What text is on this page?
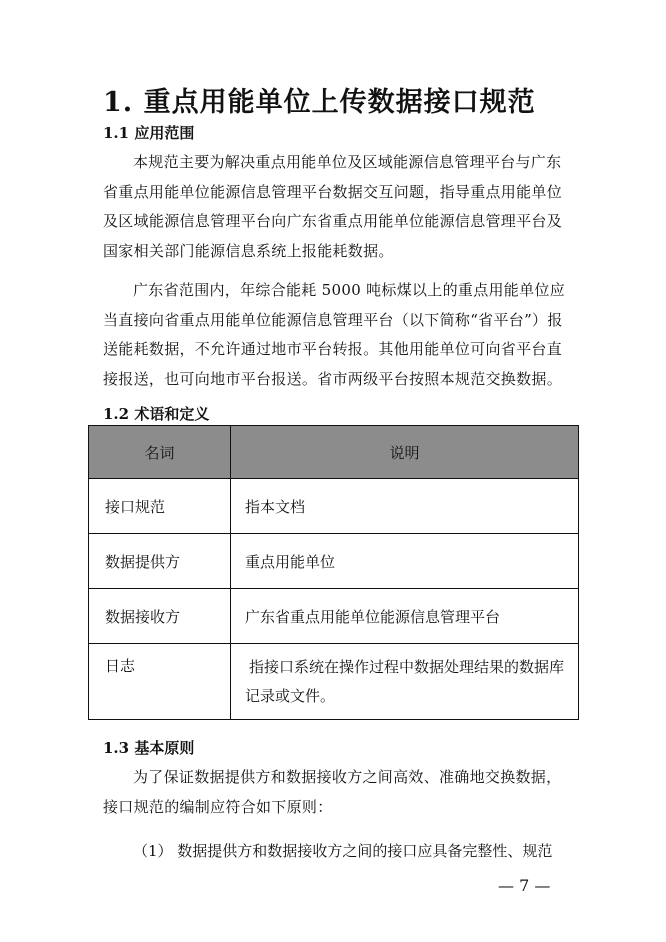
1. 重点用能单位上传数据接口规范
1.1 应用范围

本规范主要为解决重点用能单位及区域能源信息管理平台与广东省重点用能单位能源信息管理平台数据交互问题，指导重点用能单位及区域能源信息管理平台向广东省重点用能单位能源信息管理平台及国家相关部门能源信息系统上报能耗数据。

广东省范围内，年综合能耗 5000 吨标煤以上的重点用能单位应当直接向省重点用能单位能源信息管理平台（以下简称“省平台”）报送能耗数据，不允许通过地市平台转报。其他用能单位可向省平台直接报送，也可向地市平台报送。省市两级平台按照本规范交换数据。

1.2 术语和定义
名词	说明
接口规范	指本文档
数据提供方	重点用能单位
数据接收方	广东省重点用能单位能源信息管理平台
日志	指接口系统在操作过程中数据处理结果的数据库记录或文件。
1.3 基本原则

为了保证数据提供方和数据接收方之间高效、准确地交换数据，接口规范的编制应符合如下原则：

（1） 数据提供方和数据接收方之间的接口应具备完整性、规范
— 7 —
